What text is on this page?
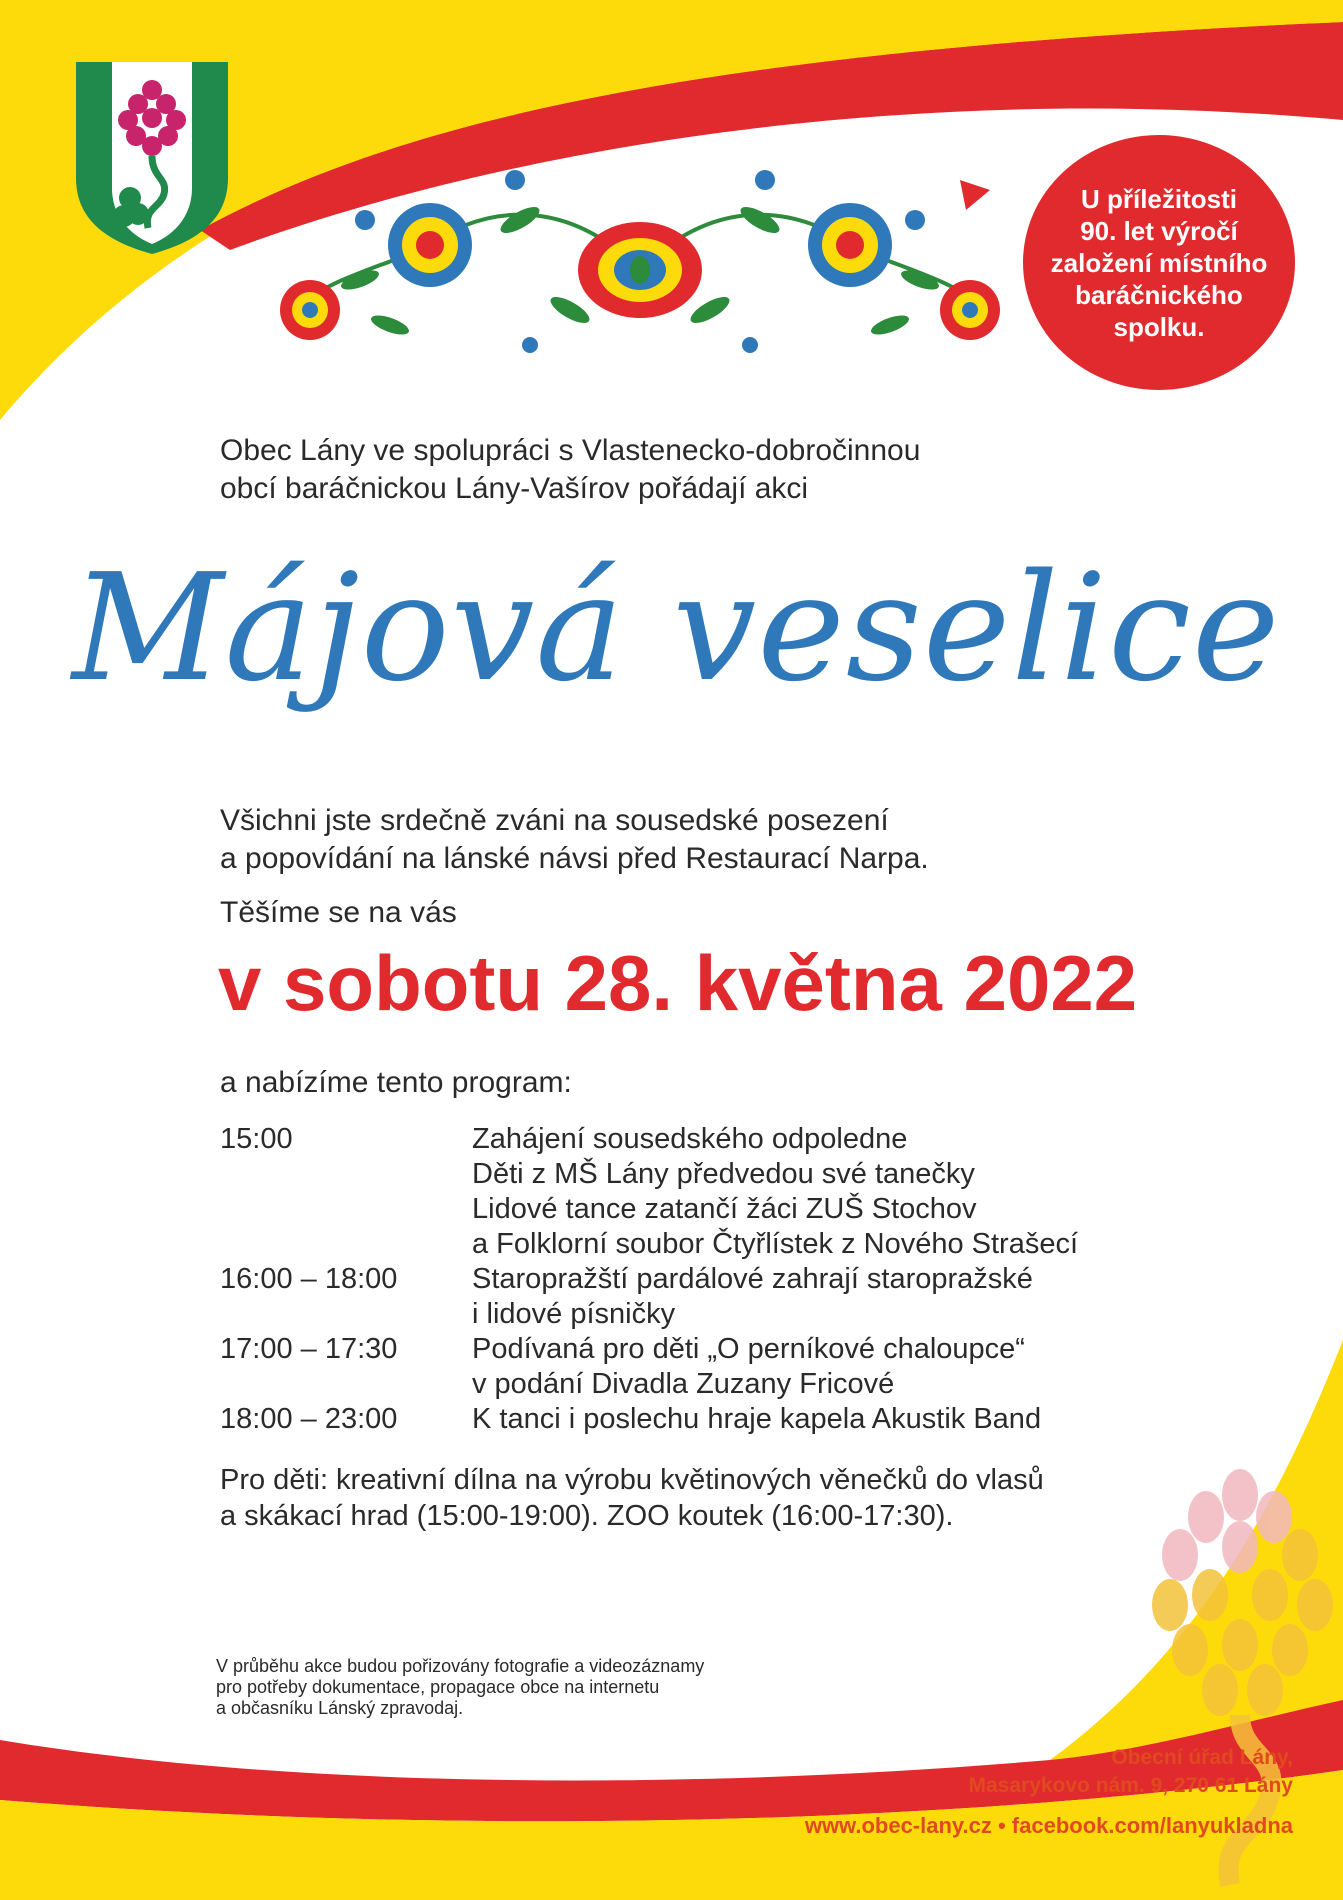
U příležitosti
90. let výročí
založení místního
baráčnického
spolku.
Obec Lány ve spolupráci s Vlastenecko-dobročinnou
obcí baráčnickou Lány-Vašírov pořádají akci
Májová veselice
Všichni jste srdečně zváni na sousedské posezení
a popovídání na lánské návsi před Restaurací Narpa.
Těšíme se na vás
v sobotu 28. května 2022
a nabízíme tento program:
15:00	Zahájení sousedského odpoledne
Děti z MŠ Lány předvedou své tanečky
Lidové tance zatančí žáci ZUŠ Stochov
a Folklorní soubor Čtyřlístek z Nového Strašecí
16:00 – 18:00	Staropražští pardálové zahrají staropražské
i lidové písničky
17:00 – 17:30	Podívaná pro děti „O perníkové chaloupce“
v podání Divadla Zuzany Fricové
18:00 – 23:00	K tanci i poslechu hraje kapela Akustik Band
Pro děti: kreativní dílna na výrobu květinových věnečků do vlasů
a skákací hrad (15:00-19:00). ZOO koutek (16:00-17:30).
V průběhu akce budou pořizovány fotografie a videozáznamy
pro potřeby dokumentace, propagace obce na internetu
a občasníku Lánský zpravodaj.
Obecní úřad Lány,
Masarykovo nám. 9, 270 61 Lány
www.obec-lany.cz • facebook.com/lanyukladna
